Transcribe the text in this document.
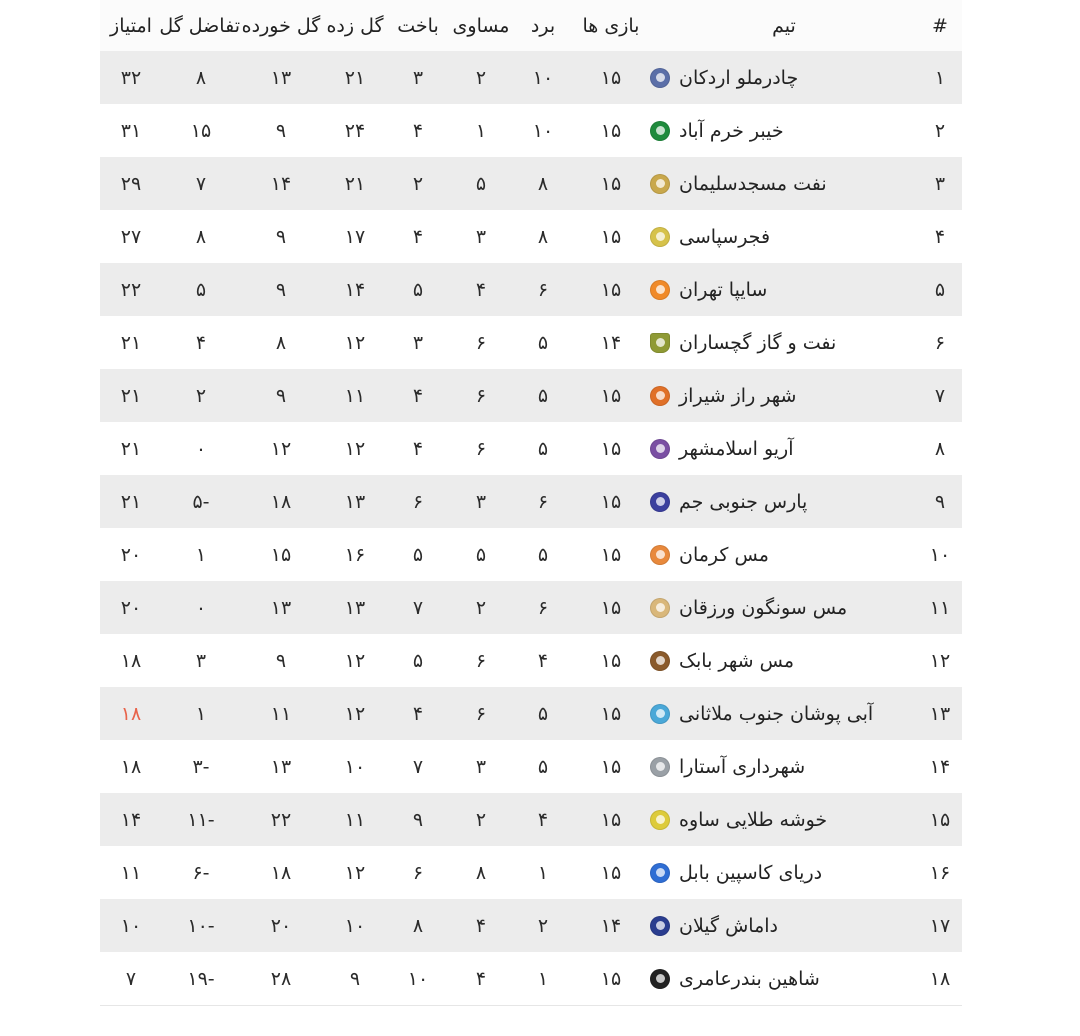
#	تیم	بازی ها	برد	مساوی	باخت	گل زده	گل خورده	تفاضل گل	امتیاز
۱	چادرملو اردکان	۱۵	۱۰	۲	۳	۲۱	۱۳	۸	۳۲
۲	خیبر خرم آباد	۱۵	۱۰	۱	۴	۲۴	۹	۱۵	۳۱
۳	نفت مسجدسلیمان	۱۵	۸	۵	۲	۲۱	۱۴	۷	۲۹
۴	فجرسپاسی	۱۵	۸	۳	۴	۱۷	۹	۸	۲۷
۵	سایپا تهران	۱۵	۶	۴	۵	۱۴	۹	۵	۲۲
۶	نفت و گاز گچساران	۱۴	۵	۶	۳	۱۲	۸	۴	۲۱
۷	شهر راز شیراز	۱۵	۵	۶	۴	۱۱	۹	۲	۲۱
۸	آریو اسلامشهر	۱۵	۵	۶	۴	۱۲	۱۲	۰	۲۱
۹	پارس جنوبی جم	۱۵	۶	۳	۶	۱۳	۱۸	-۵	۲۱
۱۰	مس کرمان	۱۵	۵	۵	۵	۱۶	۱۵	۱	۲۰
۱۱	مس سونگون ورزقان	۱۵	۶	۲	۷	۱۳	۱۳	۰	۲۰
۱۲	مس شهر بابک	۱۵	۴	۶	۵	۱۲	۹	۳	۱۸
۱۳	آبی پوشان جنوب ملاثانی	۱۵	۵	۶	۴	۱۲	۱۱	۱	۱۸
۱۴	شهرداری آستارا	۱۵	۵	۳	۷	۱۰	۱۳	-۳	۱۸
۱۵	خوشه طلایی ساوه	۱۵	۴	۲	۹	۱۱	۲۲	-۱۱	۱۴
۱۶	دریای کاسپین بابل	۱۵	۱	۸	۶	۱۲	۱۸	-۶	۱۱
۱۷	داماش گیلان	۱۴	۲	۴	۸	۱۰	۲۰	-۱۰	۱۰
۱۸	شاهین بندرعامری	۱۵	۱	۴	۱۰	۹	۲۸	-۱۹	۷
